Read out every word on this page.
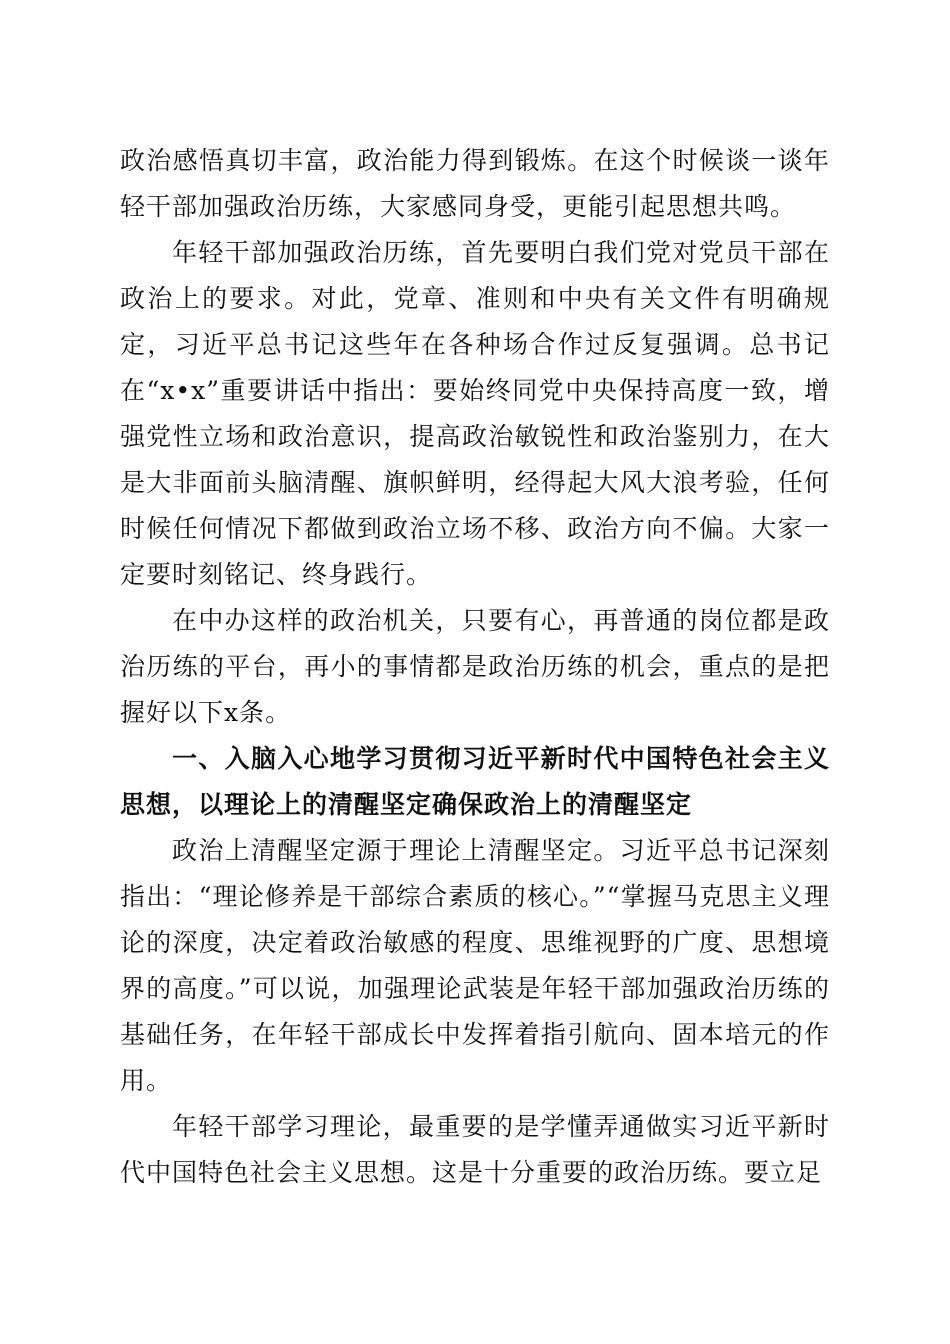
政治感悟真切丰富，政治能力得到锻炼。在这个时候谈一谈年轻干部加强政治历练，大家感同身受，更能引起思想共鸣。

年轻干部加强政治历练，首先要明白我们党对党员干部在政治上的要求。对此，党章、准则和中央有关文件有明确规定，习近平总书记这些年在各种场合作过反复强调。总书记在“x•x”重要讲话中指出：要始终同党中央保持高度一致，增强党性立场和政治意识，提高政治敏锐性和政治鉴别力，在大是大非面前头脑清醒、旗帜鲜明，经得起大风大浪考验，任何时候任何情况下都做到政治立场不移、政治方向不偏。大家一定要时刻铭记、终身践行。

在中办这样的政治机关，只要有心，再普通的岗位都是政治历练的平台，再小的事情都是政治历练的机会，重点的是把握好以下x条。

一、入脑入心地学习贯彻习近平新时代中国特色社会主义思想，以理论上的清醒坚定确保政治上的清醒坚定

政治上清醒坚定源于理论上清醒坚定。习近平总书记深刻指出：“理论修养是干部综合素质的核心。”“掌握马克思主义理论的深度，决定着政治敏感的程度、思维视野的广度、思想境界的高度。”可以说，加强理论武装是年轻干部加强政治历练的基础任务，在年轻干部成长中发挥着指引航向、固本培元的作用。

年轻干部学习理论，最重要的是学懂弄通做实习近平新时代中国特色社会主义思想。这是十分重要的政治历练。要立足
